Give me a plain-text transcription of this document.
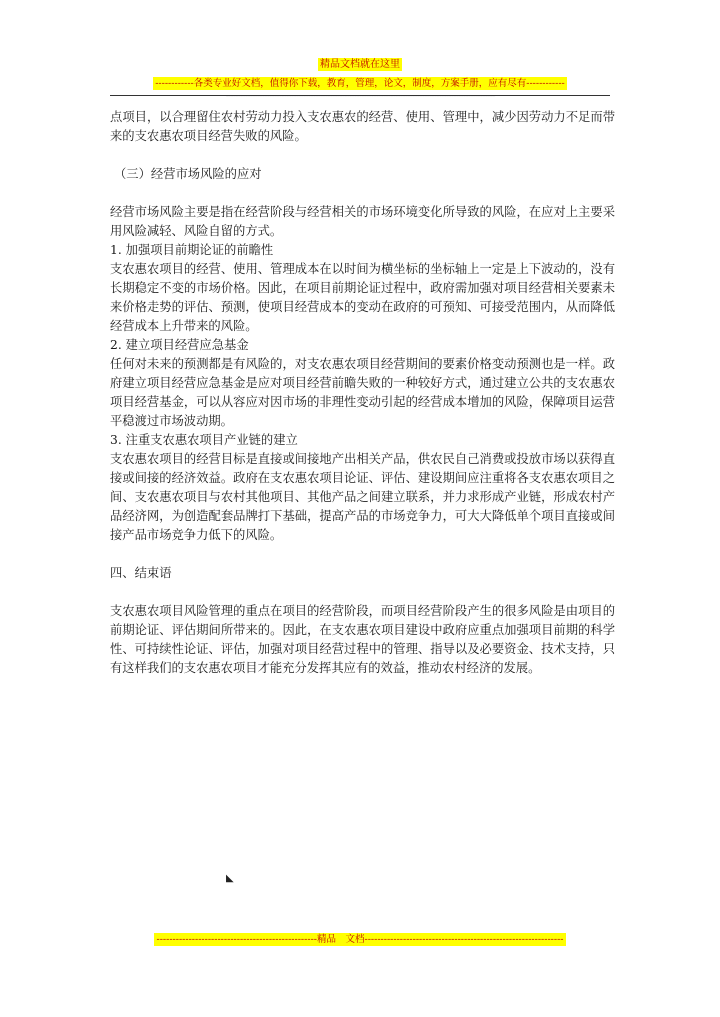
精品文档就在这里
------------各类专业好文档，值得你下载，教育，管理，论文，制度，方案手册，应有尽有------------
--------------------------------------------------------------------------------------------------------------------------------------------------------------

点项目，以合理留住农村劳动力投入支农惠农的经营、使用、管理中，减少因劳动力不足而带来的支农惠农项目经营失败的风险。

（三）经营市场风险的应对

经营市场风险主要是指在经营阶段与经营相关的市场环境变化所导致的风险，在应对上主要采用风险减轻、风险自留的方式。

1. 加强项目前期论证的前瞻性

支农惠农项目的经营、使用、管理成本在以时间为横坐标的坐标轴上一定是上下波动的，没有长期稳定不变的市场价格。因此，在项目前期论证过程中，政府需加强对项目经营相关要素未来价格走势的评估、预测，使项目经营成本的变动在政府的可预知、可接受范围内，从而降低经营成本上升带来的风险。

2. 建立项目经营应急基金

任何对未来的预测都是有风险的，对支农惠农项目经营期间的要素价格变动预测也是一样。政府建立项目经营应急基金是应对项目经营前瞻失败的一种较好方式，通过建立公共的支农惠农项目经营基金，可以从容应对因市场的非理性变动引起的经营成本增加的风险，保障项目运营平稳渡过市场波动期。

3. 注重支农惠农项目产业链的建立

支农惠农项目的经营目标是直接或间接地产出相关产品，供农民自己消费或投放市场以获得直接或间接的经济效益。政府在支农惠农项目论证、评估、建设期间应注重将各支农惠农项目之间、支农惠农项目与农村其他项目、其他产品之间建立联系，并力求形成产业链，形成农村产品经济网，为创造配套品牌打下基础，提高产品的市场竞争力，可大大降低单个项目直接或间接产品市场竞争力低下的风险。

四、结束语

支农惠农项目风险管理的重点在项目的经营阶段，而项目经营阶段产生的很多风险是由项目的前期论证、评估期间所带来的。因此，在支农惠农项目建设中政府应重点加强项目前期的科学性、可持续性论证、评估，加强对项目经营过程中的管理、指导以及必要资金、技术支持，只有这样我们的支农惠农项目才能充分发挥其应有的效益，推动农村经济的发展。

◣
--------------------------------------------------精品　文档--------------------------------------------------------------
